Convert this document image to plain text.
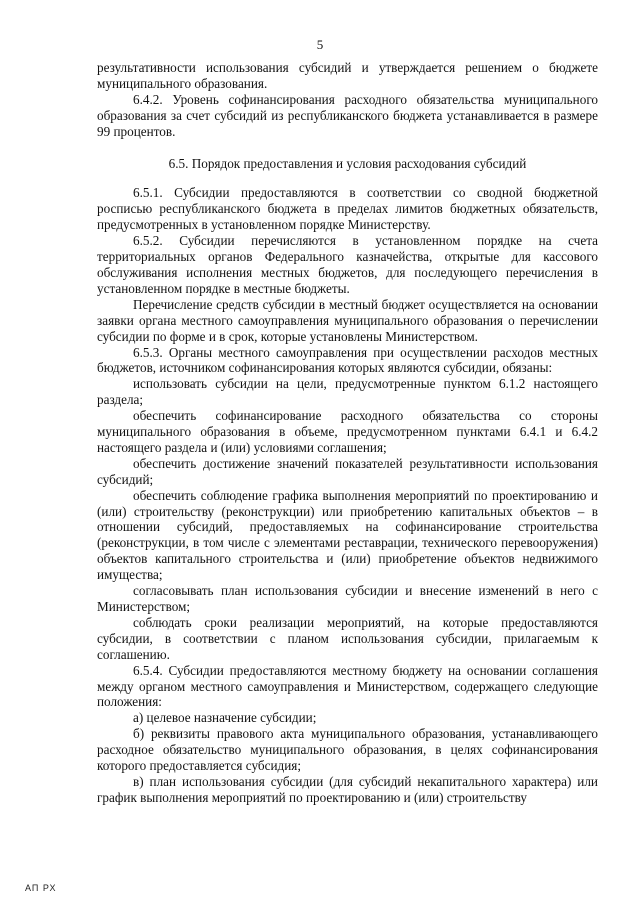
5

результативности использования субсидий и утверждается решением о бюджете муниципального образования.

6.4.2. Уровень софинансирования расходного обязательства муниципального образования за счет субсидий из республиканского бюджета устанавливается в размере 99 процентов.

6.5. Порядок предоставления и условия расходования субсидий

6.5.1. Субсидии предоставляются в соответствии со сводной бюджетной росписью республиканского бюджета в пределах лимитов бюджетных обязательств, предусмотренных в установленном порядке Министерству.

6.5.2. Субсидии перечисляются в установленном порядке на счета территориальных органов Федерального казначейства, открытые для кассового обслуживания исполнения местных бюджетов, для последующего перечисления в установленном порядке в местные бюджеты.

Перечисление средств субсидии в местный бюджет осуществляется на основании заявки органа местного самоуправления муниципального образования о перечислении субсидии по форме и в срок, которые установлены Министерством.

6.5.3. Органы местного самоуправления при осуществлении расходов местных бюджетов, источником софинансирования которых являются субсидии, обязаны:

использовать субсидии на цели, предусмотренные пунктом 6.1.2 настоящего раздела;

обеспечить софинансирование расходного обязательства со стороны муниципального образования в объеме, предусмотренном пунктами 6.4.1 и 6.4.2 настоящего раздела и (или) условиями соглашения;

обеспечить достижение значений показателей результативности использования субсидий;

обеспечить соблюдение графика выполнения мероприятий по проектированию и (или) строительству (реконструкции) или приобретению капитальных объектов – в отношении субсидий, предоставляемых на софинансирование строительства (реконструкции, в том числе с элементами реставрации, технического перевооружения) объектов капитального строительства и (или) приобретение объектов недвижимого имущества;

согласовывать план использования субсидии и внесение изменений в него с Министерством;

соблюдать сроки реализации мероприятий, на которые предоставляются субсидии, в соответствии с планом использования субсидии, прилагаемым к соглашению.

6.5.4. Субсидии предоставляются местному бюджету на основании соглашения между органом местного самоуправления и Министерством, содержащего следующие положения:

а) целевое назначение субсидии;

б) реквизиты правового акта муниципального образования, устанавливающего расходное обязательство муниципального образования, в целях софинансирования которого предоставляется субсидия;

в) план использования субсидии (для субсидий некапитального характера) или график выполнения мероприятий по проектированию и (или) строительству

АП РХ
